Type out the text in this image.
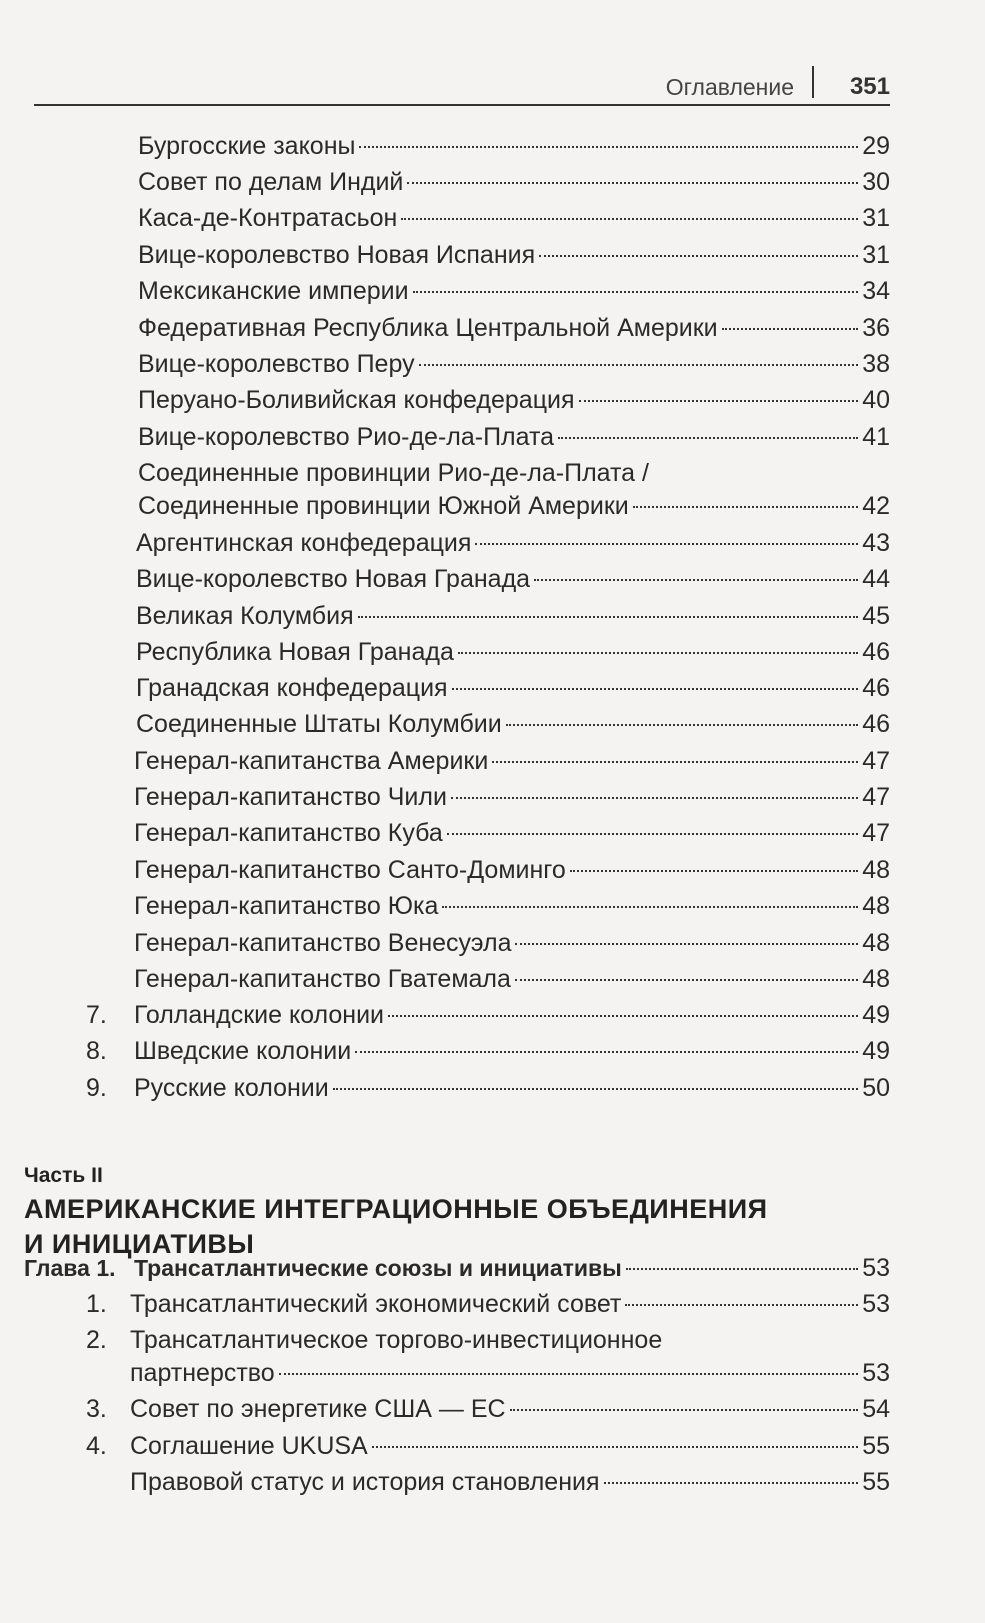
Оглавление 351
Бургосские законы	29
Совет по делам Индий	30
Каса-де-Контратасьон	31
Вице-королевство Новая Испания	31
Мексиканские империи	34
Федеративная Республика Центральной Америки	36
Вице-королевство Перу	38
Перуано-Боливийская конфедерация	40
Вице-королевство Рио-де-ла-Плата	41
Соединенные провинции Рио-де-ла-Плата /
Соединенные провинции Южной Америки	42
Аргентинская конфедерация	43
Вице-королевство Новая Гранада	44
Великая Колумбия	45
Республика Новая Гранада	46
Гранадская конфедерация	46
Соединенные Штаты Колумбии	46
Генерал-капитанства Америки	47
Генерал-капитанство Чили	47
Генерал-капитанство Куба	47
Генерал-капитанство Санто-Доминго	48
Генерал-капитанство Юка	48
Генерал-капитанство Венесуэла	48
Генерал-капитанство Гватемала	48
7.	Голландские колонии	49
8.	Шведские колонии	49
9.	Русские колонии	50
Часть II
АМЕРИКАНСКИЕ ИНТЕГРАЦИОННЫЕ ОБЪЕДИНЕНИЯ
И ИНИЦИАТИВЫ
Глава 1. Трансатлантические союзы и инициативы	53
1. Трансатлантический экономический совет	53
2. Трансатлантическое торгово-инвестиционное
партнерство	53
3. Совет по энергетике США — ЕС	54
4. Соглашение UKUSA	55
Правовой статус и история становления	55
